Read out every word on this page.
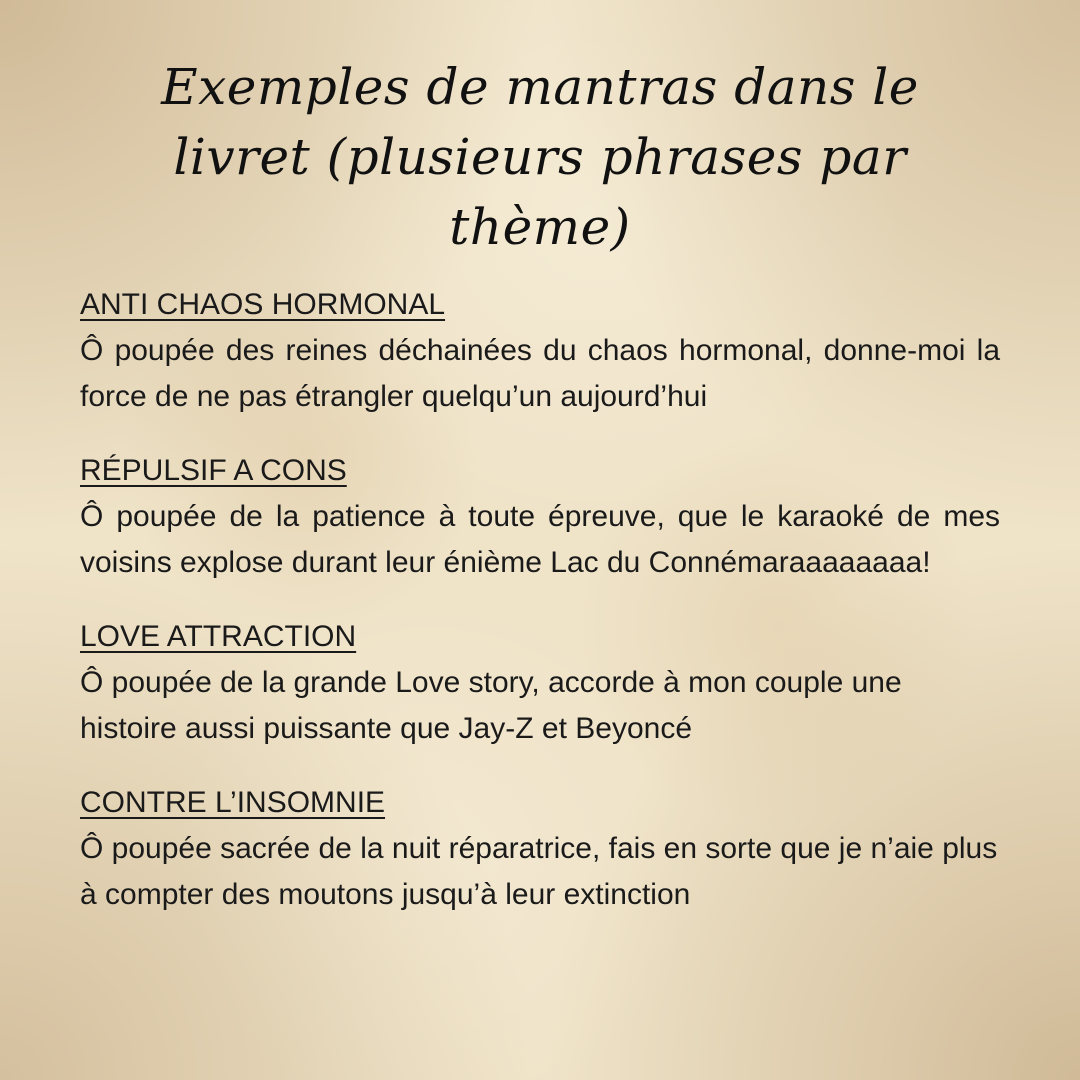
Exemples de mantras dans le livret (plusieurs phrases par thème)
ANTI CHAOS HORMONAL

Ô poupée des reines déchainées du chaos hormonal, donne-moi la force de ne pas étrangler quelqu’un aujourd’hui

RÉPULSIF A CONS

Ô poupée de la patience à toute épreuve, que le karaoké de mes voisins explose durant leur énième Lac du Connémaraaaaaaaa!

LOVE ATTRACTION

Ô poupée de la grande Love story, accorde à mon couple une histoire aussi puissante que Jay-Z et Beyoncé

CONTRE L’INSOMNIE

Ô poupée sacrée de la nuit réparatrice, fais en sorte que je n’aie plus à compter des moutons jusqu’à leur extinction
